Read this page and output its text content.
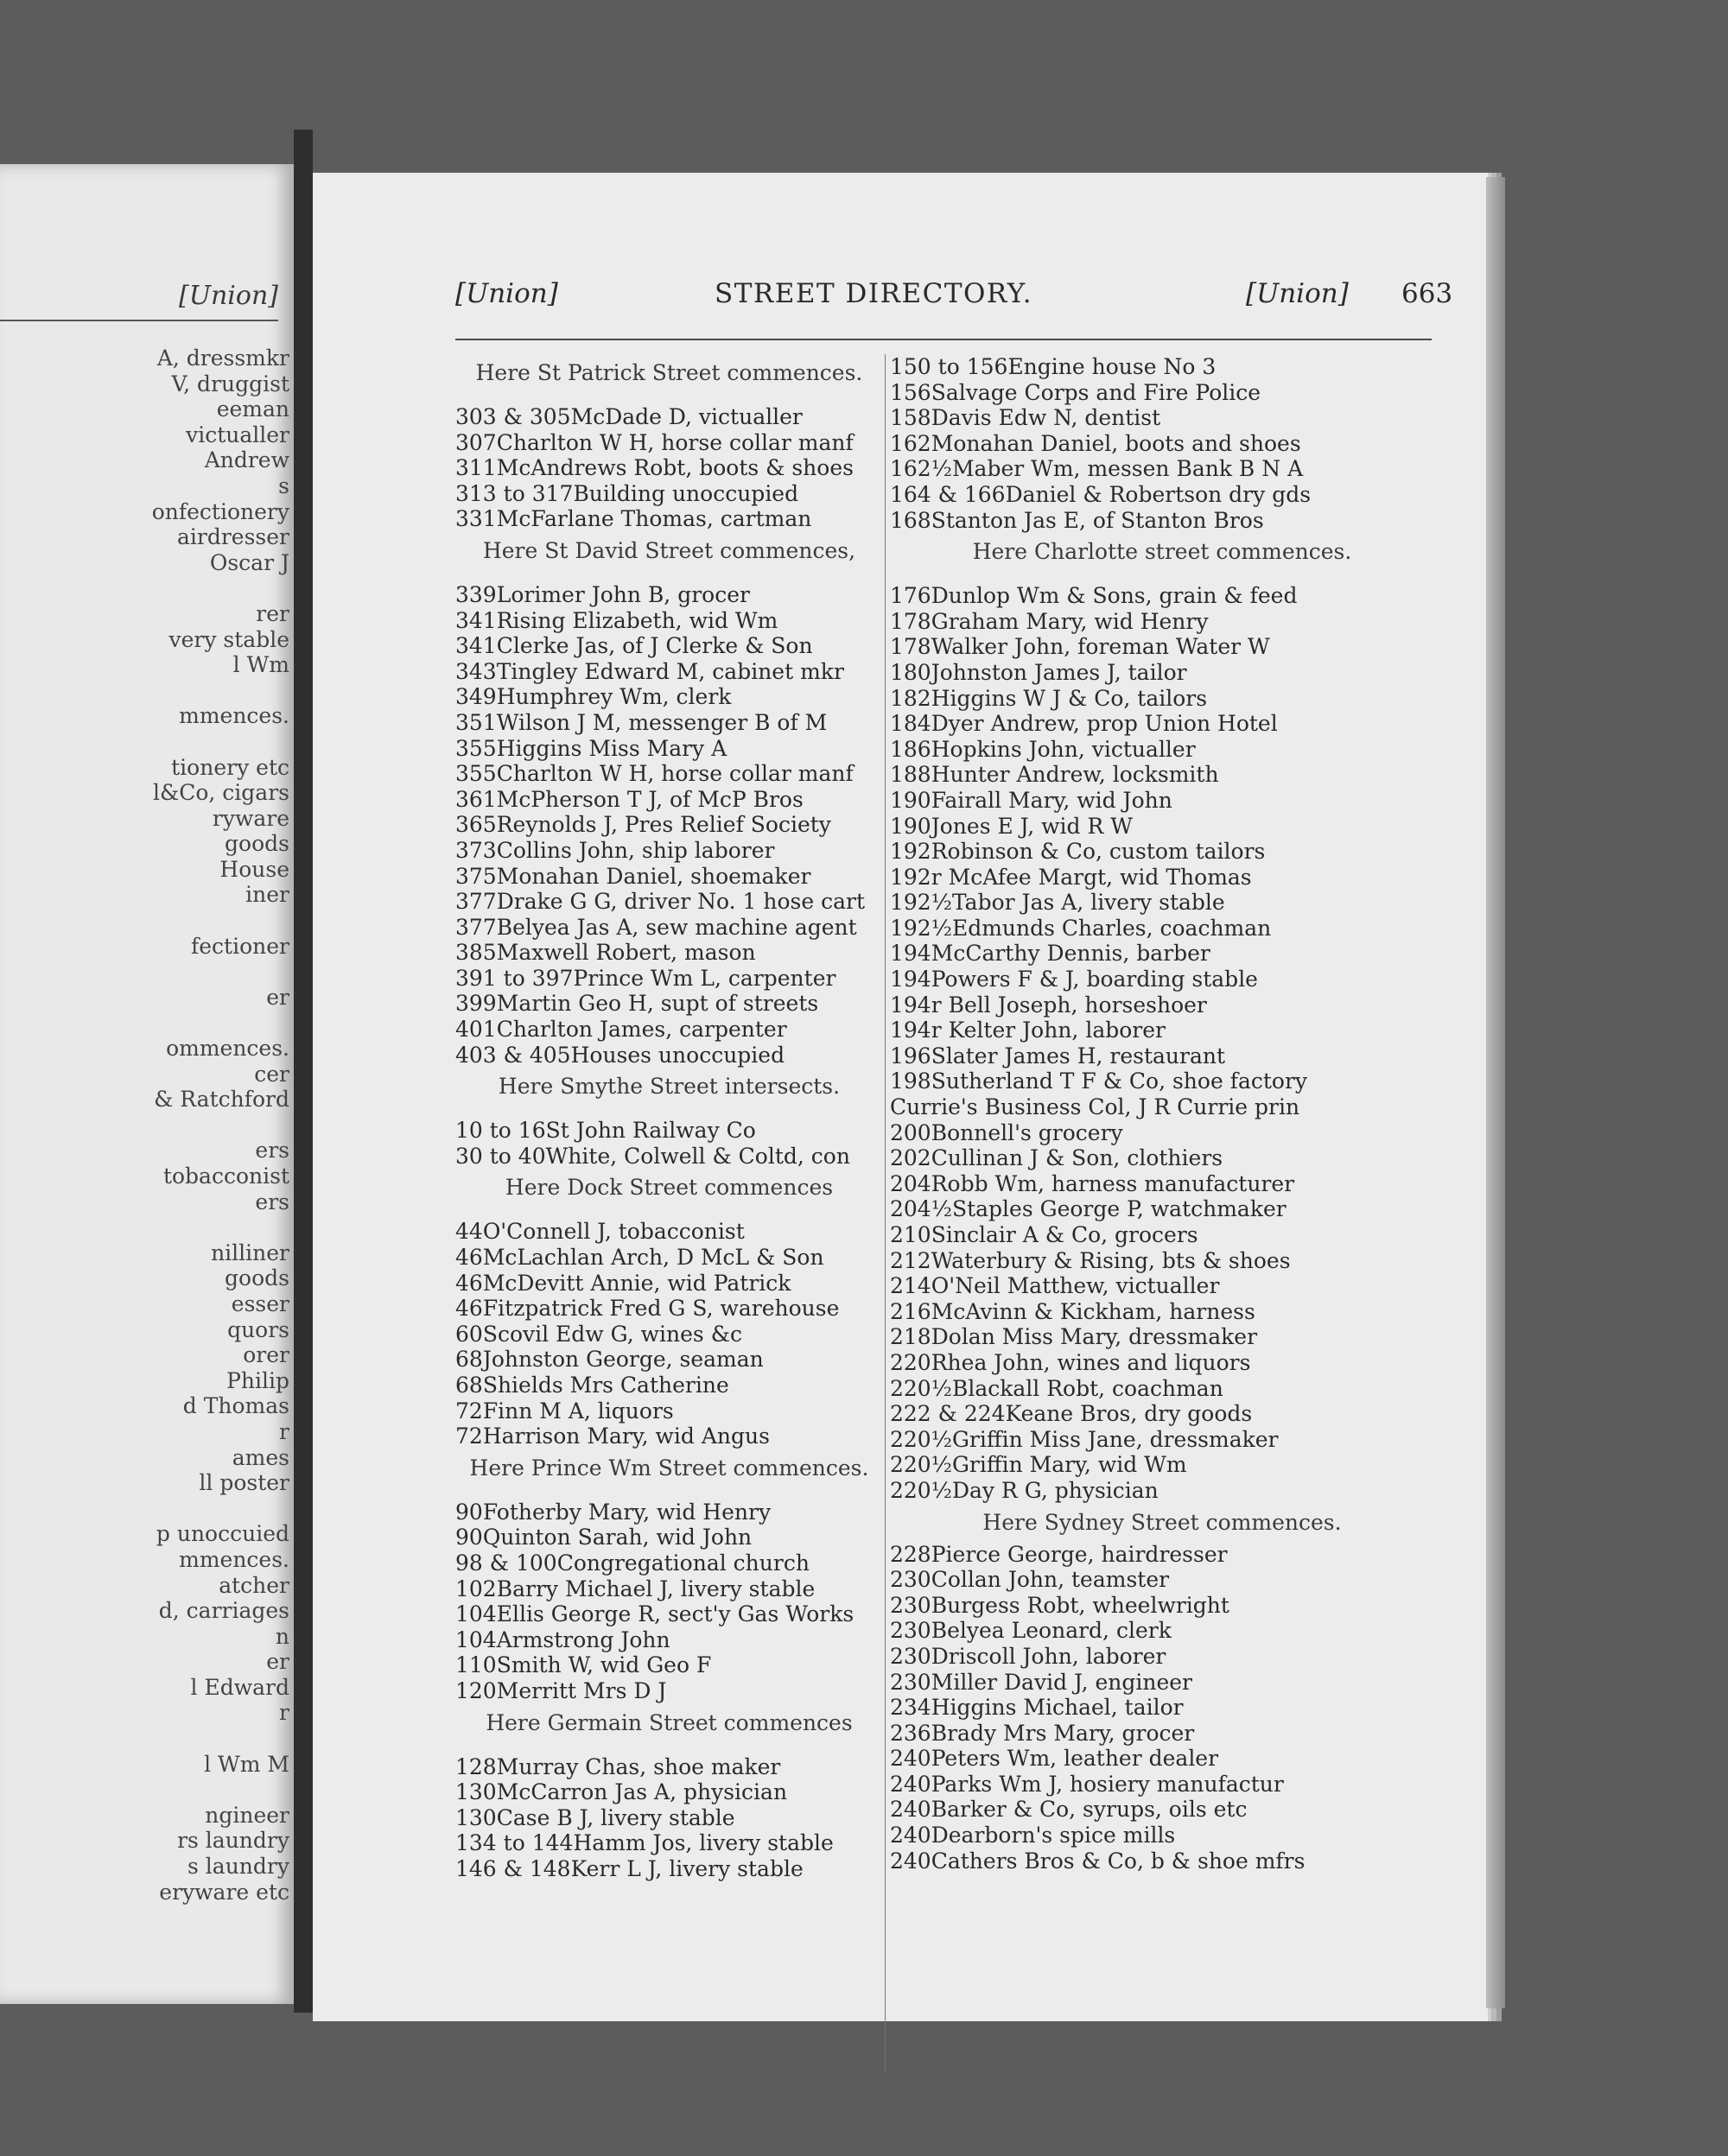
[Union]
A, dressmkr
V, druggist
eeman
victualler
Andrew
s
onfectionery
airdresser
Oscar J
rer
very stable
l Wm
mmences.
tionery etc
l&Co, cigars
ryware
goods
House
iner
fectioner
er
ommences.
cer
& Ratchford
ers
tobacconist
ers
nilliner
goods
esser
quors
orer
Philip
d Thomas
r
ames
ll poster
p unoccuied
mmences.
atcher
d, carriages
n
er
l Edward
r
l Wm M
ngineer
rs laundry
s laundry
eryware etc
[Union]	STREET DIRECTORY.	[Union] 663
Here St Patrick Street commences.
303 & 305McDade D, victualler
307Charlton W H, horse collar manf
311McAndrews Robt, boots & shoes
313 to 317Building unoccupied
331McFarlane Thomas, cartman
Here St David Street commences,
339Lorimer John B, grocer
341Rising Elizabeth, wid Wm
341Clerke Jas, of J Clerke & Son
343Tingley Edward M, cabinet mkr
349Humphrey Wm, clerk
351Wilson J M, messenger B of M
355Higgins Miss Mary A
355Charlton W H, horse collar manf
361McPherson T J, of McP Bros
365Reynolds J, Pres Relief Society
373Collins John, ship laborer
375Monahan Daniel, shoemaker
377Drake G G, driver No. 1 hose cart
377Belyea Jas A, sew machine agent
385Maxwell Robert, mason
391 to 397Prince Wm L, carpenter
399Martin Geo H, supt of streets
401Charlton James, carpenter
403 & 405Houses unoccupied
Here Smythe Street intersects.
10 to 16St John Railway Co
30 to 40White, Colwell & Coltd, con
Here Dock Street commences
44O'Connell J, tobacconist
46McLachlan Arch, D McL & Son
46McDevitt Annie, wid Patrick
46Fitzpatrick Fred G S, warehouse
60Scovil Edw G, wines &c
68Johnston George, seaman
68Shields Mrs Catherine
72Finn M A, liquors
72Harrison Mary, wid Angus
Here Prince Wm Street commences.
90Fotherby Mary, wid Henry
90Quinton Sarah, wid John
98 & 100Congregational church
102Barry Michael J, livery stable
104Ellis George R, sect'y Gas Works
104Armstrong John
110Smith W, wid Geo F
120Merritt Mrs D J
Here Germain Street commences
128Murray Chas, shoe maker
130McCarron Jas A, physician
130Case B J, livery stable
134 to 144Hamm Jos, livery stable
146 & 148Kerr L J, livery stable
150 to 156Engine house No 3
156Salvage Corps and Fire Police
158Davis Edw N, dentist
162Monahan Daniel, boots and shoes
162½Maber Wm, messen Bank B N A
164 & 166Daniel & Robertson dry gds
168Stanton Jas E, of Stanton Bros
Here Charlotte street commences.
176Dunlop Wm & Sons, grain & feed
178Graham Mary, wid Henry
178Walker John, foreman Water W
180Johnston James J, tailor
182Higgins W J & Co, tailors
184Dyer Andrew, prop Union Hotel
186Hopkins John, victualler
188Hunter Andrew, locksmith
190Fairall Mary, wid John
190Jones E J, wid R W
192Robinson & Co, custom tailors
192r McAfee Margt, wid Thomas
192½Tabor Jas A, livery stable
192½Edmunds Charles, coachman
194McCarthy Dennis, barber
194Powers F & J, boarding stable
194r Bell Joseph, horseshoer
194r Kelter John, laborer
196Slater James H, restaurant
198Sutherland T F & Co, shoe factory
Currie's Business Col, J R Currie prin
200Bonnell's grocery
202Cullinan J & Son, clothiers
204Robb Wm, harness manufacturer
204½Staples George P, watchmaker
210Sinclair A & Co, grocers
212Waterbury & Rising, bts & shoes
214O'Neil Matthew, victualler
216McAvinn & Kickham, harness
218Dolan Miss Mary, dressmaker
220Rhea John, wines and liquors
220½Blackall Robt, coachman
222 & 224Keane Bros, dry goods
220½Griffin Miss Jane, dressmaker
220½Griffin Mary, wid Wm
220½Day R G, physician
Here Sydney Street commences.
228Pierce George, hairdresser
230Collan John, teamster
230Burgess Robt, wheelwright
230Belyea Leonard, clerk
230Driscoll John, laborer
230Miller David J, engineer
234Higgins Michael, tailor
236Brady Mrs Mary, grocer
240Peters Wm, leather dealer
240Parks Wm J, hosiery manufactur
240Barker & Co, syrups, oils etc
240Dearborn's spice mills
240Cathers Bros & Co, b & shoe mfrs
